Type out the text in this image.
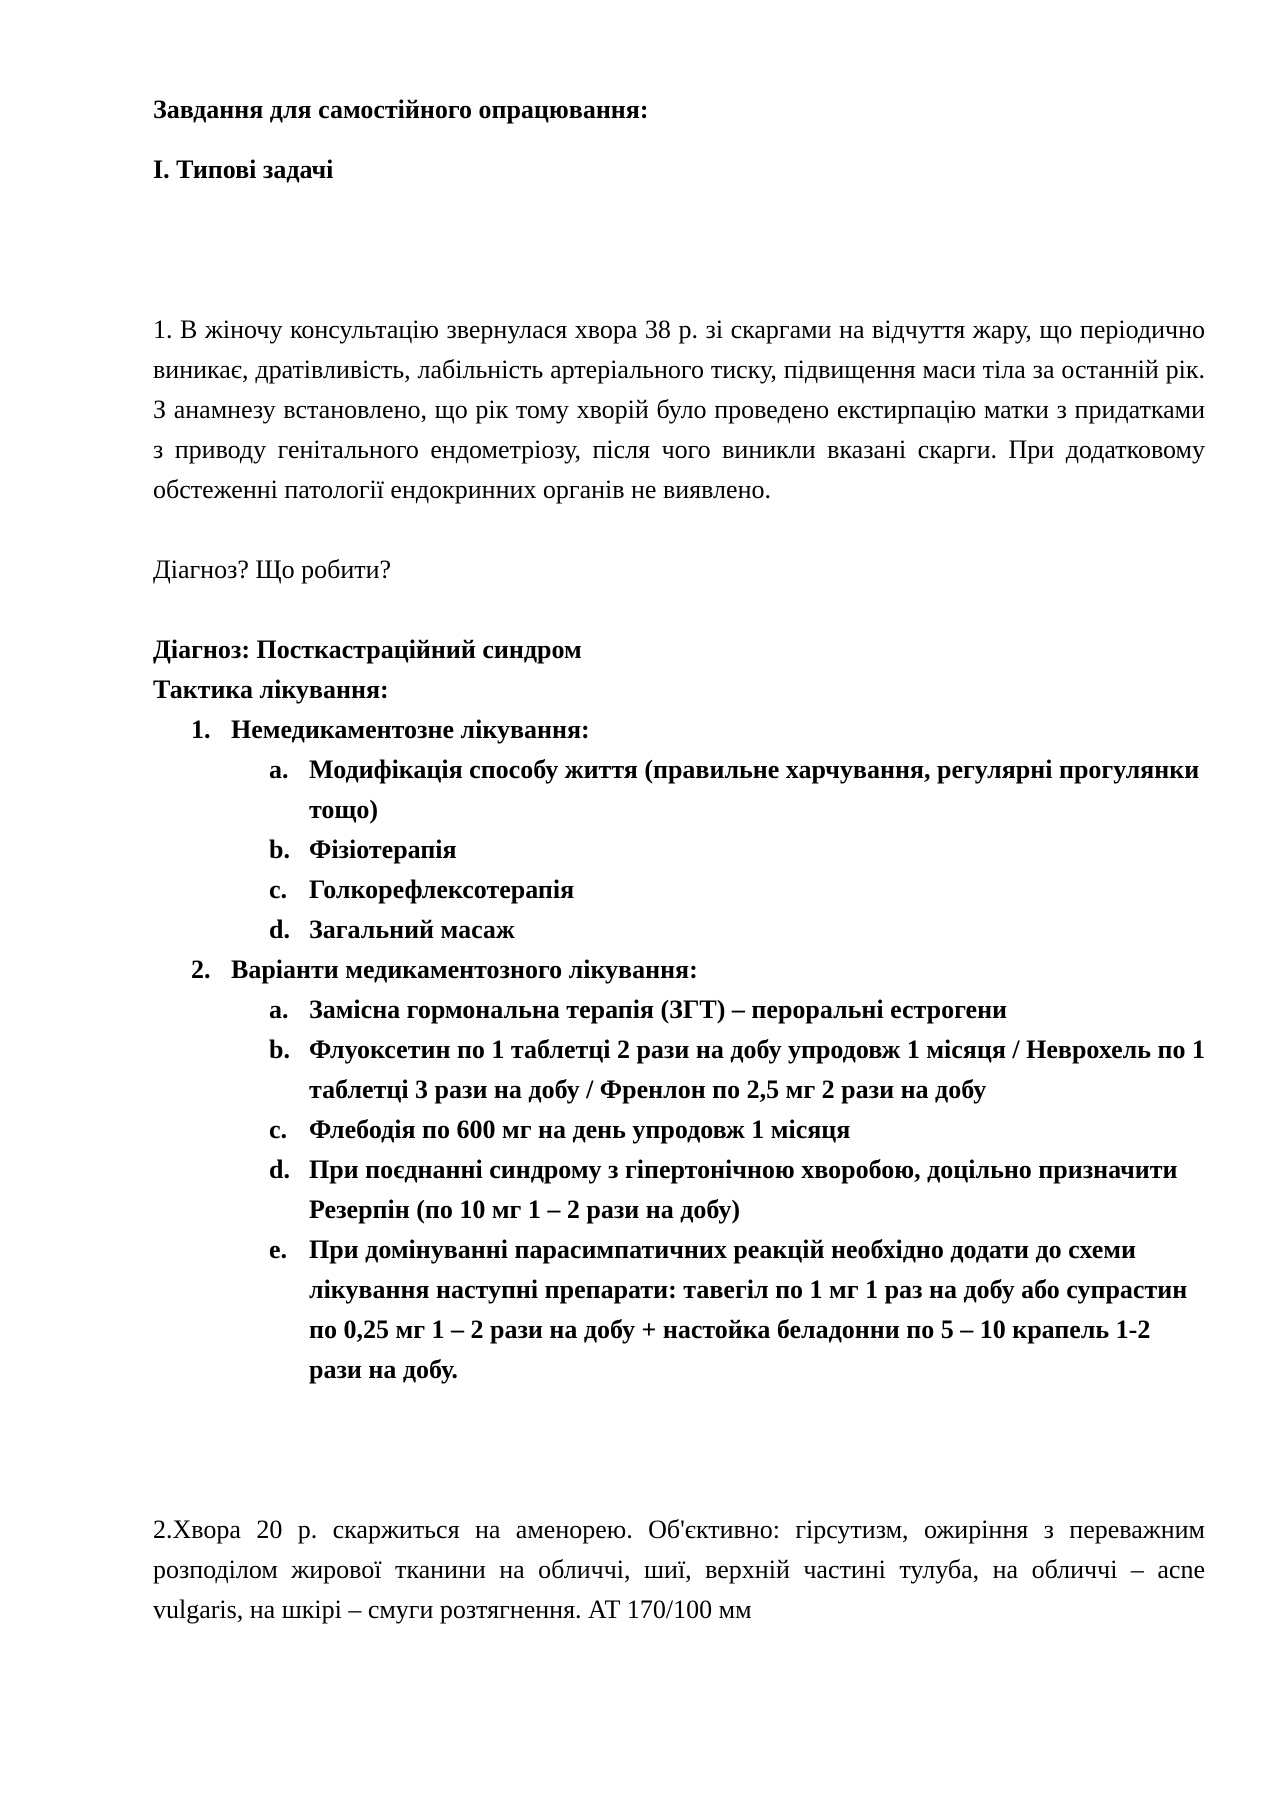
Завдання для самостійного опрацювання:

I. Типові задачі

1. В жіночу консультацію звернулася хвора 38 р. зі скаргами на відчуття жару, що періодично виникає, дратівливість, лабільність артеріального тиску, підвищення маси тіла за останній рік. З анамнезу встановлено, що рік тому хворій було проведено екстирпацію матки з придатками з приводу генітального ендометріозу, після чого виникли вказані скарги. При додатковому обстеженні патології ендокринних органів не виявлено.

Діагноз? Що робити?

Діагноз: Посткастраційний синдром

Тактика лікування:

1. Немедикаментозне лікування:
a. Модифікація способу життя (правильне харчування, регулярні прогулянки тощо)
b. Фізіотерапія
c. Голкорефлексотерапія
d. Загальний масаж
2. Варіанти медикаментозного лікування:
a. Замісна гормональна терапія (ЗГТ) – пероральні естрогени
b. Флуоксетин по 1 таблетці 2 рази на добу упродовж 1 місяця / Неврохель по 1 таблетці 3 рази на добу / Френлон по 2,5 мг 2 рази на добу
c. Флебодія по 600 мг на день упродовж 1 місяця
d. При поєднанні синдрому з гіпертонічною хворобою, доцільно призначити Резерпін (по 10 мг 1 – 2 рази на добу)
e. При домінуванні парасимпатичних реакцій необхідно додати до схеми лікування наступні препарати: тавегіл по 1 мг 1 раз на добу або супрастин по 0,25 мг 1 – 2 рази на добу + настойка беладонни по 5 – 10 крапель 1-2 рази на добу.

2.Хвора 20 р. скаржиться на аменорею. Об'єктивно: гірсутизм, ожиріння з переважним розподілом жирової тканини на обличчі, шиї, верхній частині тулуба, на обличчі – acne vulgaris, на шкірі – смуги розтягнення. АТ 170/100 мм
